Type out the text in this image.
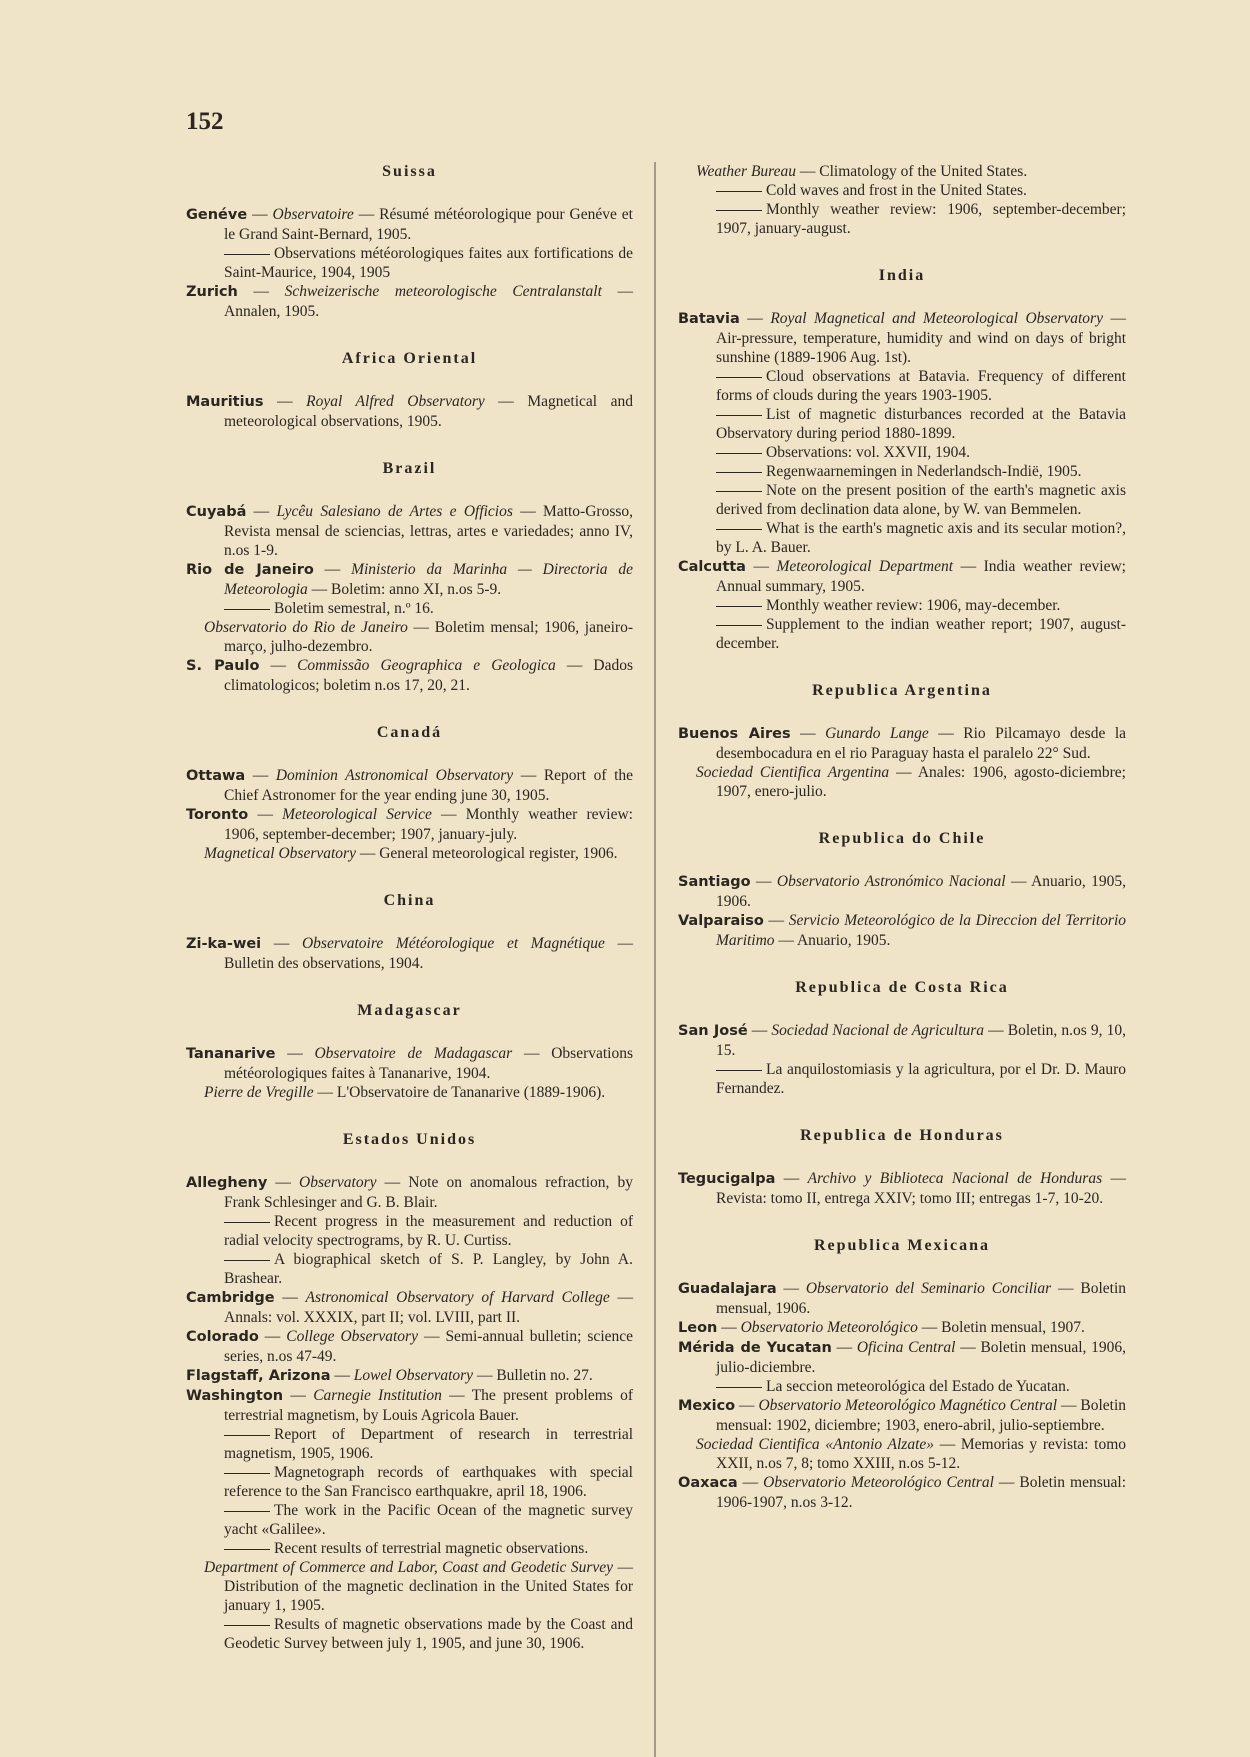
152
Suissa

Genéve — Observatoire — Résumé météorologique pour Genéve et le Grand Saint-Bernard, 1905.

Observations météorologiques faites aux fortifications de Saint-Maurice, 1904, 1905

Zurich — Schweizerische meteorologische Centralanstalt — Annalen, 1905.

Africa Oriental

Mauritius — Royal Alfred Observatory — Magnetical and meteorological observations, 1905.

Brazil

Cuyabá — Lycêu Salesiano de Artes e Officios — Matto-Grosso, Revista mensal de sciencias, lettras, artes e variedades; anno IV, n.os 1-9.

Rio de Janeiro — Ministerio da Marinha — Directoria de Meteorologia — Boletim: anno XI, n.os 5-9.

Boletim semestral, n.º 16.

Observatorio do Rio de Janeiro — Boletim mensal; 1906, janeiro-março, julho-dezembro.

S. Paulo — Commissão Geographica e Geologica — Dados climatologicos; boletim n.os 17, 20, 21.

Canadá

Ottawa — Dominion Astronomical Observatory — Report of the Chief Astronomer for the year ending june 30, 1905.

Toronto — Meteorological Service — Monthly weather review: 1906, september-december; 1907, january-july.

Magnetical Observatory — General meteorological register, 1906.

China

Zi-ka-wei — Observatoire Météorologique et Magnétique — Bulletin des observations, 1904.

Madagascar

Tananarive — Observatoire de Madagascar — Observations météorologiques faites à Tananarive, 1904.

Pierre de Vregille — L'Observatoire de Tananarive (1889-1906).

Estados Unidos

Allegheny — Observatory — Note on anomalous refraction, by Frank Schlesinger and G. B. Blair.

Recent progress in the measurement and reduction of radial velocity spectrograms, by R. U. Curtiss.

A biographical sketch of S. P. Langley, by John A. Brashear.

Cambridge — Astronomical Observatory of Harvard College — Annals: vol. XXXIX, part II; vol. LVIII, part II.

Colorado — College Observatory — Semi-annual bulletin; science series, n.os 47-49.

Flagstaff, Arizona — Lowel Observatory — Bulletin no. 27.

Washington — Carnegie Institution — The present problems of terrestrial magnetism, by Louis Agricola Bauer.

Report of Department of research in terrestrial magnetism, 1905, 1906.

Magnetograph records of earthquakes with special reference to the San Francisco earthquakre, april 18, 1906.

The work in the Pacific Ocean of the magnetic survey yacht «Galilee».

Recent results of terrestrial magnetic observations.

Department of Commerce and Labor, Coast and Geodetic Survey — Distribution of the magnetic declination in the United States for january 1, 1905.

Results of magnetic observations made by the Coast and Geodetic Survey between july 1, 1905, and june 30, 1906.

Weather Bureau — Climatology of the United States.

Cold waves and frost in the United States.

Monthly weather review: 1906, september-december; 1907, january-august.

India

Batavia — Royal Magnetical and Meteorological Observatory — Air-pressure, temperature, humidity and wind on days of bright sunshine (1889-1906 Aug. 1st).

Cloud observations at Batavia. Frequency of different forms of clouds during the years 1903-1905.

List of magnetic disturbances recorded at the Batavia Observatory during period 1880-1899.

Observations: vol. XXVII, 1904.

Regenwaarnemingen in Nederlandsch-Indië, 1905.

Note on the present position of the earth's magnetic axis derived from declination data alone, by W. van Bemmelen.

What is the earth's magnetic axis and its secular motion?, by L. A. Bauer.

Calcutta — Meteorological Department — India weather review; Annual summary, 1905.

Monthly weather review: 1906, may-december.

Supplement to the indian weather report; 1907, august-december.

Republica Argentina

Buenos Aires — Gunardo Lange — Rio Pilcamayo desde la desembocadura en el rio Paraguay hasta el paralelo 22° Sud.

Sociedad Cientifica Argentina — Anales: 1906, agosto-diciembre; 1907, enero-julio.

Republica do Chile

Santiago — Observatorio Astronómico Nacional — Anuario, 1905, 1906.

Valparaiso — Servicio Meteorológico de la Direccion del Territorio Maritimo — Anuario, 1905.

Republica de Costa Rica

San José — Sociedad Nacional de Agricultura — Boletin, n.os 9, 10, 15.

La anquilostomiasis y la agricultura, por el Dr. D. Mauro Fernandez.

Republica de Honduras

Tegucigalpa — Archivo y Biblioteca Nacional de Honduras — Revista: tomo II, entrega XXIV; tomo III; entregas 1-7, 10-20.

Republica Mexicana

Guadalajara — Observatorio del Seminario Conciliar — Boletin mensual, 1906.

Leon — Observatorio Meteorológico — Boletin mensual, 1907.

Mérida de Yucatan — Oficina Central — Boletin mensual, 1906, julio-diciembre.

La seccion meteorológica del Estado de Yucatan.

Mexico — Observatorio Meteorológico Magnético Central — Boletin mensual: 1902, diciembre; 1903, enero-abril, julio-septiembre.

Sociedad Cientifica «Antonio Alzate» — Memorias y revista: tomo XXII, n.os 7, 8; tomo XXIII, n.os 5-12.

Oaxaca — Observatorio Meteorológico Central — Boletin mensual: 1906-1907, n.os 3-12.
